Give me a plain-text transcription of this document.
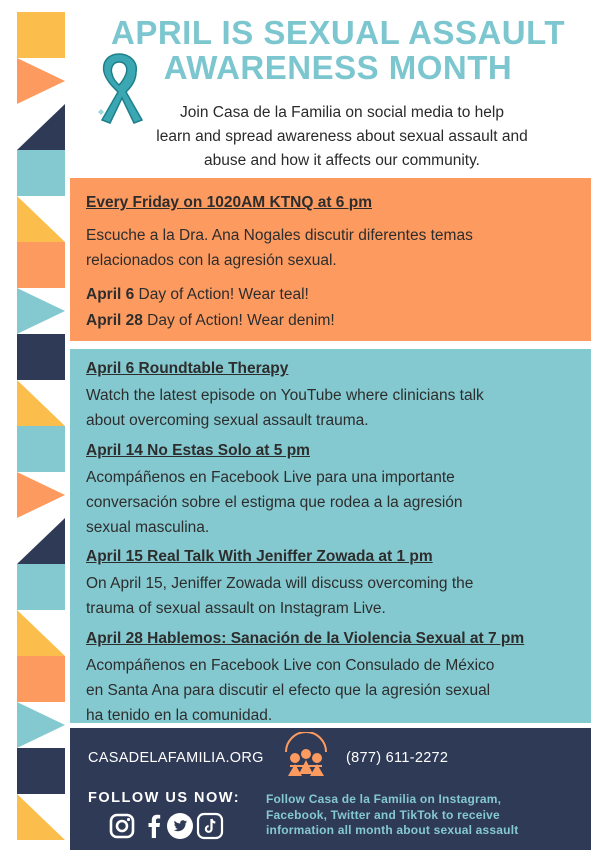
APRIL IS SEXUAL ASSAULT
AWARENESS MONTH

Join Casa de la Familia on social media to help
learn and spread awareness about sexual assault and
abuse and how it affects our community.

Every Friday on 1020AM KTNQ at 6 pm

Escuche a la Dra. Ana Nogales discutir diferentes temas
relacionados con la agresión sexual.

April 6 Day of Action! Wear teal!

April 28 Day of Action! Wear denim!

April 6 Roundtable Therapy

Watch the latest episode on YouTube where clinicians talk
about overcoming sexual assault trauma.

April 14 No Estas Solo at 5 pm

Acompáñenos en Facebook Live para una importante
conversación sobre el estigma que rodea a la agresión
sexual masculina.

April 15 Real Talk With Jeniffer Zowada at 1 pm

On April 15, Jeniffer Zowada will discuss overcoming the
trauma of sexual assault on Instagram Live.

April 28 Hablemos: Sanación de la Violencia Sexual at 7 pm

Acompáñenos en Facebook Live con Consulado de México
en Santa Ana para discutir el efecto que la agresión sexual
ha tenido en la comunidad.

CASADELAFAMILIA.ORG	(877) 611-2272
FOLLOW US NOW: Follow Casa de la Familia on Instagram,
Facebook, Twitter and TikTok to receive
information all month about sexual assault
